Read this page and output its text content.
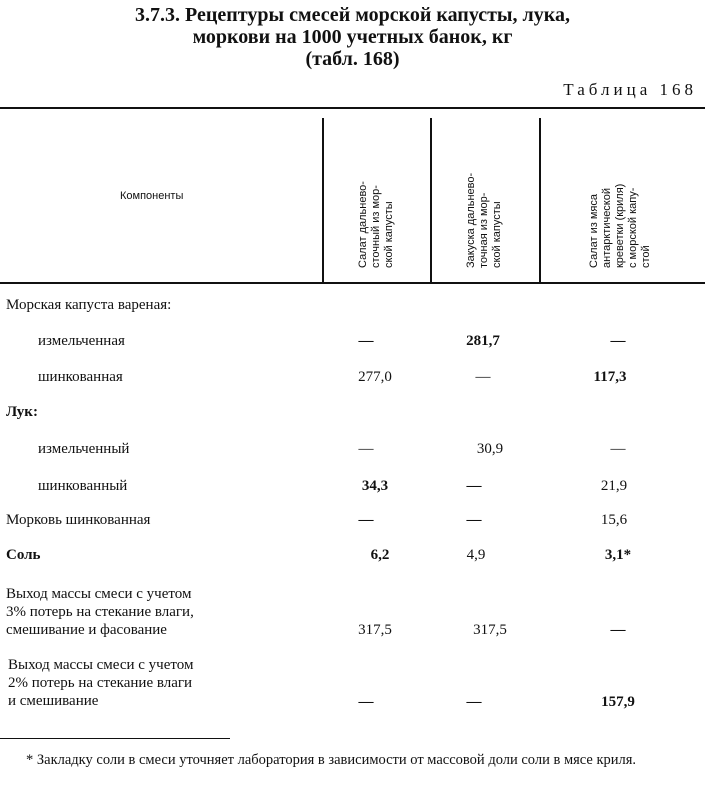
3.7.3. Рецептуры смесей морской капусты, лука,
моркови на 1000 учетных банок, кг
(табл. 168)
Таблица 168
Компоненты
Салат дальнево-
сточный из мор-
ской капусты
Закуска дальнево-
точная из мор-
ской капусты
Салат из мяса
антарктической
креветки (криля)
с морской капу-
стой
Морская капуста вареная:
измельченная	—	281,7	—
шинкованная	277,0	—	117,3
Лук:
измельченный	—	30,9	—
шинкованный	34,3	—	21,9
Морковь шинкованная	—	—	15,6
Соль	6,2	4,9	3,1*
Выход массы смеси с учетом
3% потерь на стекание влаги,
смешивание и фасование	317,5	317,5	—
Выход массы смеси с учетом
2% потерь на стекание влаги
и смешивание	—	—	157,9
* Закладку соли в смеси уточняет лаборатория в зависимости от массовой доли соли в мясе криля.
